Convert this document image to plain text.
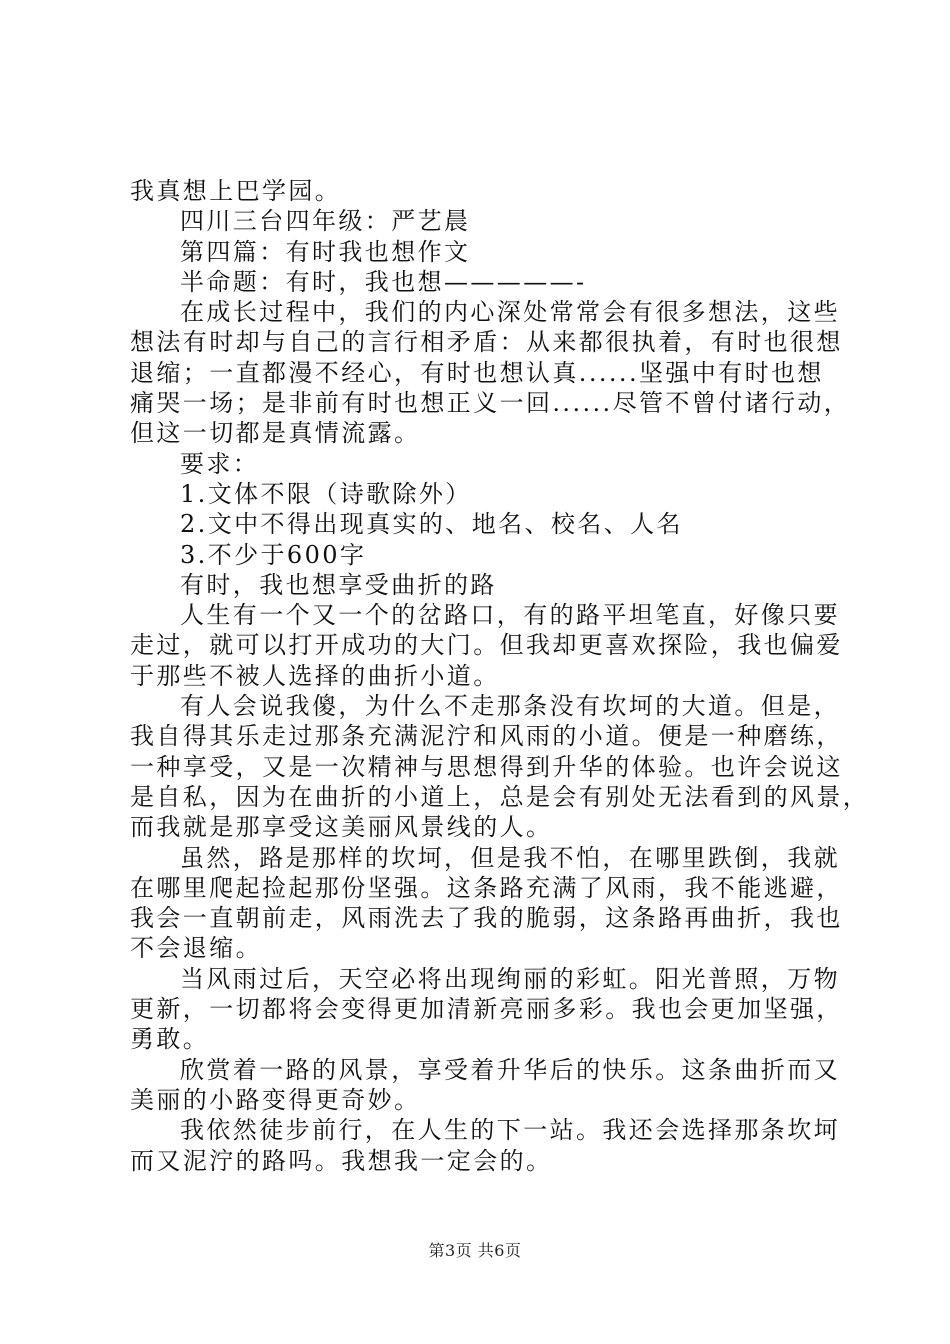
我真想上巴学园。
四川三台四年级：严艺晨
第四篇：有时我也想作文
半命题：有时，我也想—————-
在成长过程中，我们的内心深处常常会有很多想法，这些
想法有时却与自己的言行相矛盾：从来都很执着，有时也很想
退缩；一直都漫不经心，有时也想认真......坚强中有时也想
痛哭一场；是非前有时也想正义一回......尽管不曾付诸行动，
但这一切都是真情流露。
要求：
1.文体不限（诗歌除外）
2.文中不得出现真实的、地名、校名、人名
3.不少于600字
有时，我也想享受曲折的路
人生有一个又一个的岔路口，有的路平坦笔直，好像只要
走过，就可以打开成功的大门。但我却更喜欢探险，我也偏爱
于那些不被人选择的曲折小道。
有人会说我傻，为什么不走那条没有坎坷的大道。但是，
我自得其乐走过那条充满泥泞和风雨的小道。便是一种磨练，
一种享受，又是一次精神与思想得到升华的体验。也许会说这
是自私，因为在曲折的小道上，总是会有别处无法看到的风景，
而我就是那享受这美丽风景线的人。
虽然，路是那样的坎坷，但是我不怕，在哪里跌倒，我就
在哪里爬起捡起那份坚强。这条路充满了风雨，我不能逃避，
我会一直朝前走，风雨洗去了我的脆弱，这条路再曲折，我也
不会退缩。
当风雨过后，天空必将出现绚丽的彩虹。阳光普照，万物
更新，一切都将会变得更加清新亮丽多彩。我也会更加坚强，
勇敢。
欣赏着一路的风景，享受着升华后的快乐。这条曲折而又
美丽的小路变得更奇妙。
我依然徒步前行，在人生的下一站。我还会选择那条坎坷
而又泥泞的路吗。我想我一定会的。
第3页 共6页
